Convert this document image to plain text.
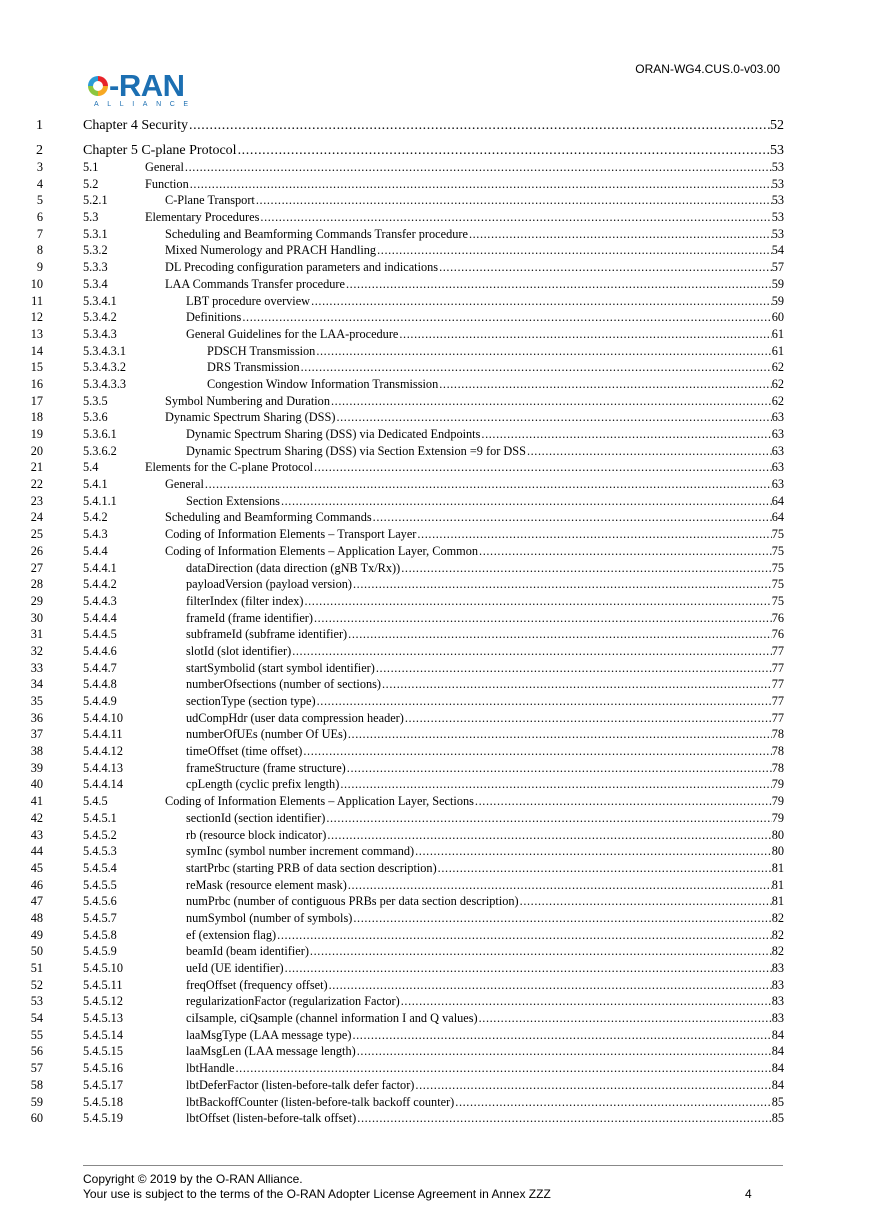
ORAN-WG4.CUS.0-v03.00
-RAN
ALLIANCE
1	Chapter 4 Security .....	52
2	Chapter 5 C-plane Protocol .....	53
3	5.1	General .....	53
4	5.2	Function .....	53
5	5.2.1	C-Plane Transport .....	53
6	5.3	Elementary Procedures .....	53
7	5.3.1	Scheduling and Beamforming Commands Transfer procedure .....	53
8	5.3.2	Mixed Numerology and PRACH Handling .....	54
9	5.3.3	DL Precoding configuration parameters and indications .....	57
10	5.3.4	LAA Commands Transfer procedure .....	59
11	5.3.4.1	LBT procedure overview .....	59
12	5.3.4.2	Definitions .....	60
13	5.3.4.3	General Guidelines for the LAA-procedure .....	61
14	5.3.4.3.1	PDSCH Transmission .....	61
15	5.3.4.3.2	DRS Transmission .....	62
16	5.3.4.3.3	Congestion Window Information Transmission .....	62
17	5.3.5	Symbol Numbering and Duration .....	62
18	5.3.6	Dynamic Spectrum Sharing (DSS) .....	63
19	5.3.6.1	Dynamic Spectrum Sharing (DSS) via Dedicated Endpoints .....	63
20	5.3.6.2	Dynamic Spectrum Sharing (DSS) via Section Extension =9 for DSS .....	63
21	5.4	Elements for the C-plane Protocol .....	63
22	5.4.1	General .....	63
23	5.4.1.1	Section Extensions .....	64
24	5.4.2	Scheduling and Beamforming Commands .....	64
25	5.4.3	Coding of Information Elements – Transport Layer .....	75
26	5.4.4	Coding of Information Elements – Application Layer, Common .....	75
27	5.4.4.1	dataDirection (data direction (gNB Tx/Rx)) .....	75
28	5.4.4.2	payloadVersion (payload version) .....	75
29	5.4.4.3	filterIndex (filter index) .....	75
30	5.4.4.4	frameId (frame identifier) .....	76
31	5.4.4.5	subframeId (subframe identifier) .....	76
32	5.4.4.6	slotId (slot identifier) .....	77
33	5.4.4.7	startSymbolid (start symbol identifier) .....	77
34	5.4.4.8	numberOfsections (number of sections) .....	77
35	5.4.4.9	sectionType (section type) .....	77
36	5.4.4.10	udCompHdr (user data compression header) .....	77
37	5.4.4.11	numberOfUEs (number Of UEs) .....	78
38	5.4.4.12	timeOffset (time offset) .....	78
39	5.4.4.13	frameStructure (frame structure) .....	78
40	5.4.4.14	cpLength (cyclic prefix length) .....	79
41	5.4.5	Coding of Information Elements – Application Layer, Sections .....	79
42	5.4.5.1	sectionId (section identifier) .....	79
43	5.4.5.2	rb (resource block indicator) .....	80
44	5.4.5.3	symInc (symbol number increment command) .....	80
45	5.4.5.4	startPrbc (starting PRB of data section description) .....	81
46	5.4.5.5	reMask (resource element mask) .....	81
47	5.4.5.6	numPrbc (number of contiguous PRBs per data section description) .....	81
48	5.4.5.7	numSymbol (number of symbols) .....	82
49	5.4.5.8	ef (extension flag) .....	82
50	5.4.5.9	beamId (beam identifier) .....	82
51	5.4.5.10	ueId (UE identifier) .....	83
52	5.4.5.11	freqOffset (frequency offset) .....	83
53	5.4.5.12	regularizationFactor (regularization Factor) .....	83
54	5.4.5.13	ciIsample, ciQsample (channel information I and Q values) .....	83
55	5.4.5.14	laaMsgType (LAA message type) .....	84
56	5.4.5.15	laaMsgLen (LAA message length) .....	84
57	5.4.5.16	lbtHandle .....	84
58	5.4.5.17	lbtDeferFactor (listen-before-talk defer factor) .....	84
59	5.4.5.18	lbtBackoffCounter (listen-before-talk backoff counter) .....	85
60	5.4.5.19	lbtOffset (listen-before-talk offset) .....	85
Copyright © 2019 by the O-RAN Alliance.
Your use is subject to the terms of the O-RAN Adopter License Agreement in Annex ZZZ	4
